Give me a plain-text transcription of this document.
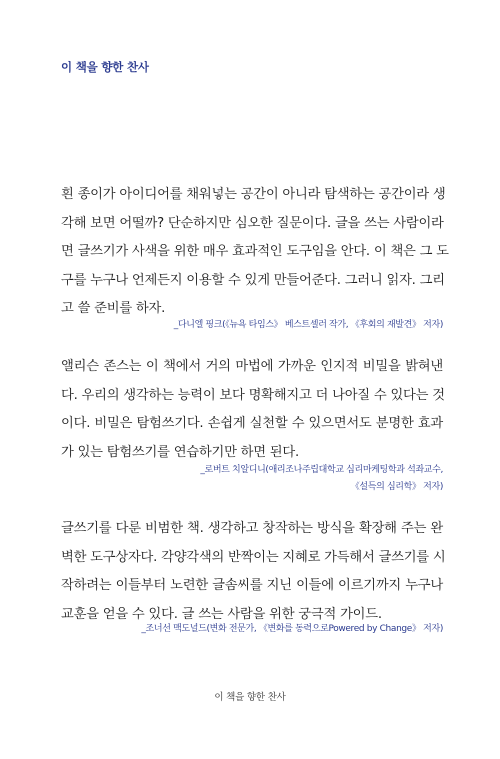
이 책을 향한 찬사
흰 종이가 아이디어를 채워넣는 공간이 아니라 탐색하는 공간이라 생
각해 보면 어떨까? 단순하지만 심오한 질문이다. 글을 쓰는 사람이라
면 글쓰기가 사색을 위한 매우 효과적인 도구임을 안다. 이 책은 그 도
구를 누구나 언제든지 이용할 수 있게 만들어준다. 그러니 읽자. 그리
고 쓸 준비를 하자.
_다니엘 핑크(《뉴욕 타임스》 베스트셀러 작가, 《후회의 재발견》 저자)
앨리슨 존스는 이 책에서 거의 마법에 가까운 인지적 비밀을 밝혀낸
다. 우리의 생각하는 능력이 보다 명확해지고 더 나아질 수 있다는 것
이다. 비밀은 탐험쓰기다. 손쉽게 실천할 수 있으면서도 분명한 효과
가 있는 탐험쓰기를 연습하기만 하면 된다.
_로버트 치알디니(애리조나주립대학교 심리마케팅학과 석좌교수,
《설득의 심리학》 저자)
글쓰기를 다룬 비범한 책. 생각하고 창작하는 방식을 확장해 주는 완
벽한 도구상자다. 각양각색의 반짝이는 지혜로 가득해서 글쓰기를 시
작하려는 이들부터 노련한 글솜씨를 지닌 이들에 이르기까지 누구나
교훈을 얻을 수 있다. 글 쓰는 사람을 위한 궁극적 가이드.
_조너선 맥도널드(변화 전문가, 《변화를 동력으로Powered by Change》 저자)
이 책을 향한 찬사
